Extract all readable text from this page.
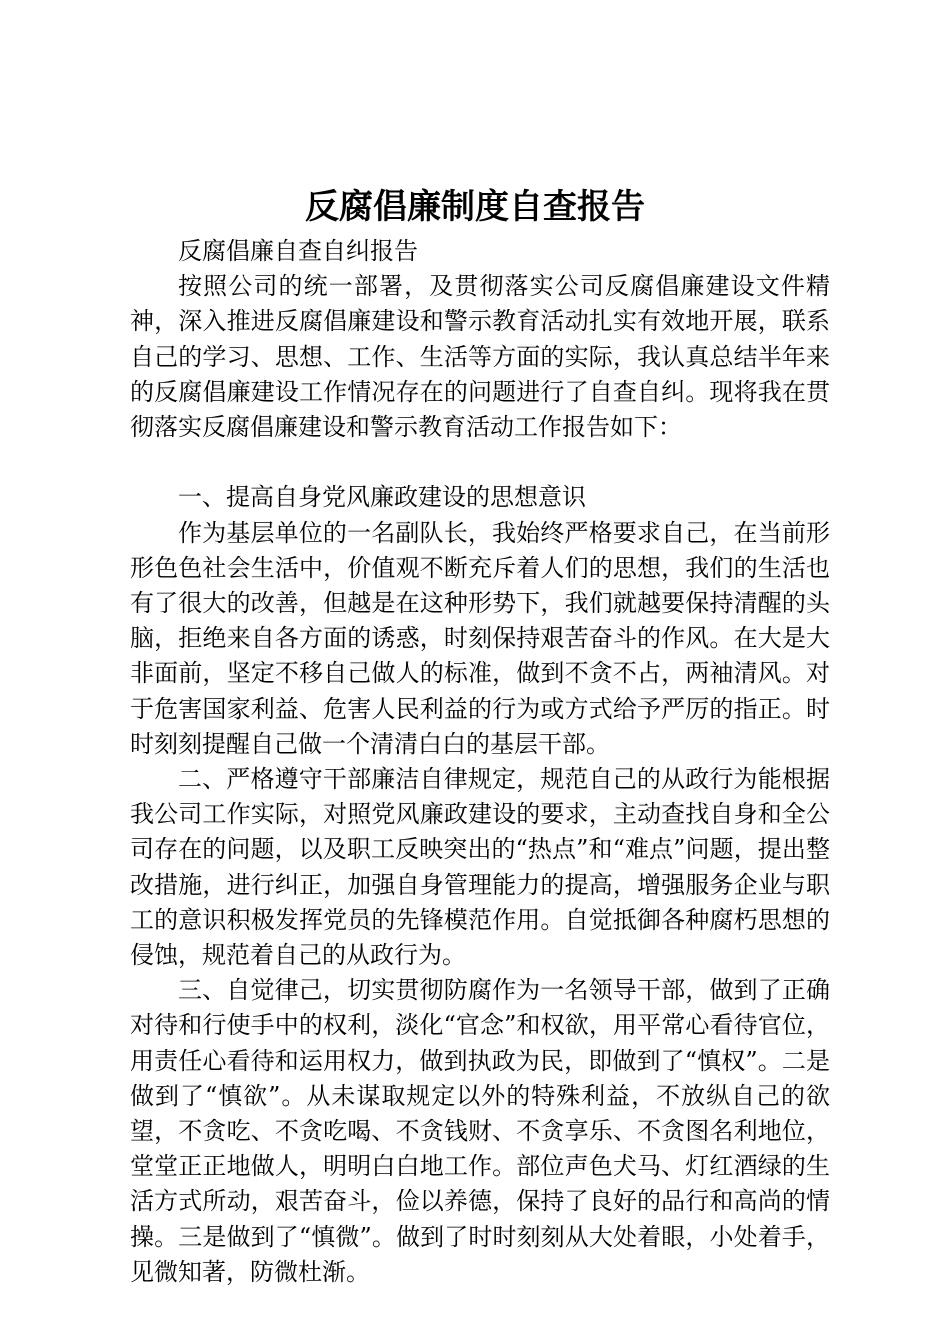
反腐倡廉制度自查报告

反腐倡廉自查自纠报告

按照公司的统一部署，及贯彻落实公司反腐倡廉建设文件精神，深入推进反腐倡廉建设和警示教育活动扎实有效地开展，联系自己的学习、思想、工作、生活等方面的实际，我认真总结半年来的反腐倡廉建设工作情况存在的问题进行了自查自纠。现将我在贯彻落实反腐倡廉建设和警示教育活动工作报告如下：

一、提高自身党风廉政建设的思想意识

作为基层单位的一名副队长，我始终严格要求自己，在当前形形色色社会生活中，价值观不断充斥着人们的思想，我们的生活也有了很大的改善，但越是在这种形势下，我们就越要保持清醒的头脑，拒绝来自各方面的诱惑，时刻保持艰苦奋斗的作风。在大是大非面前，坚定不移自己做人的标准，做到不贪不占，两袖清风。对于危害国家利益、危害人民利益的行为或方式给予严厉的指正。时时刻刻提醒自己做一个清清白白的基层干部。

二、严格遵守干部廉洁自律规定，规范自己的从政行为能根据我公司工作实际，对照党风廉政建设的要求，主动查找自身和全公司存在的问题，以及职工反映突出的“热点”和“难点”问题，提出整改措施，进行纠正，加强自身管理能力的提高，增强服务企业与职工的意识积极发挥党员的先锋模范作用。自觉抵御各种腐朽思想的侵蚀，规范着自己的从政行为。

三、自觉律己，切实贯彻防腐作为一名领导干部，做到了正确对待和行使手中的权利，淡化“官念”和权欲，用平常心看待官位，用责任心看待和运用权力，做到执政为民，即做到了“慎权”。二是做到了“慎欲”。从未谋取规定以外的特殊利益，不放纵自己的欲望，不贪吃、不贪吃喝、不贪钱财、不贪享乐、不贪图名利地位，堂堂正正地做人，明明白白地工作。部位声色犬马、灯红酒绿的生活方式所动，艰苦奋斗，俭以养德，保持了良好的品行和高尚的情操。三是做到了“慎微”。做到了时时刻刻从大处着眼，小处着手，见微知著，防微杜渐。
